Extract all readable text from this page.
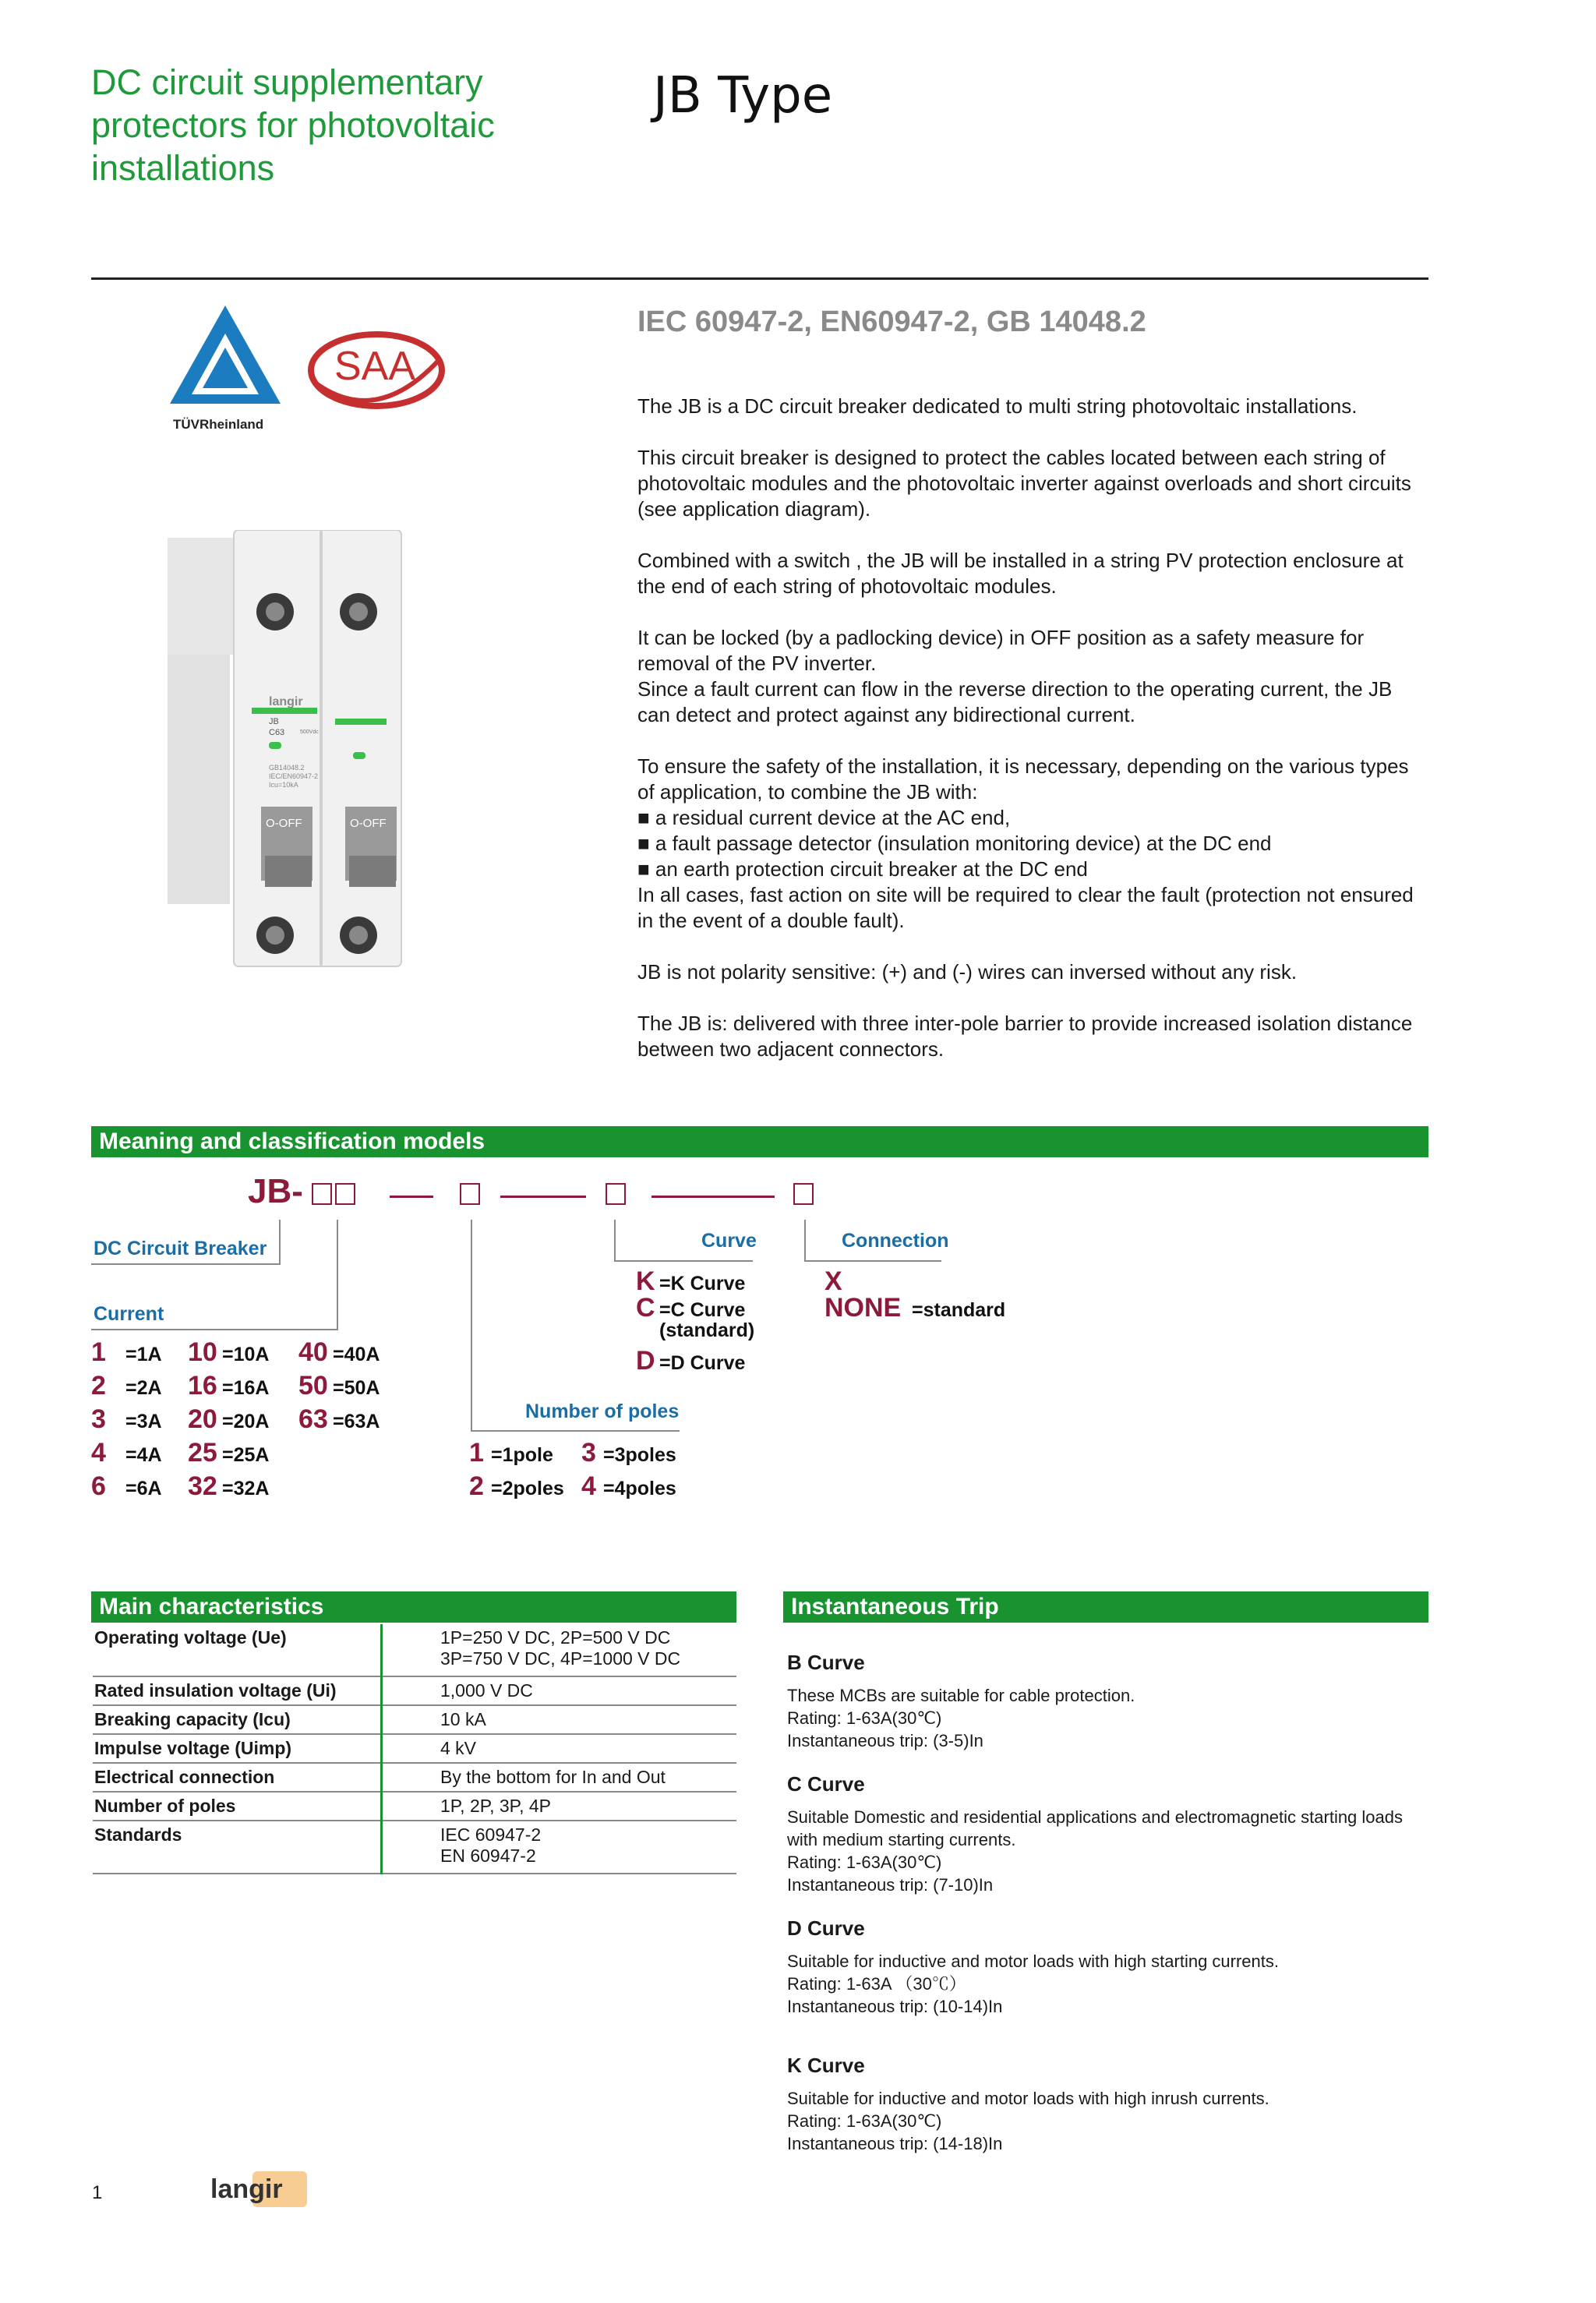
DC circuit supplementary protectors for photovoltaic installations
JB Type
TÜVRheinland
SAA
langir
JB
C63	500Vdc
GB14048.2
IEC/EN60947-2
Icu=10kA
O-OFF	O-OFF
IEC 60947-2, EN60947-2, GB 14048.2

The JB is a DC circuit breaker dedicated to multi string photovoltaic installations.

This circuit breaker is designed to protect the cables located between each string of photovoltaic modules and the photovoltaic inverter against overloads and short circuits (see application diagram).

Combined with a switch , the JB will be installed in a string PV protection enclosure at the end of each string of photovoltaic modules.

It can be locked (by a padlocking device) in OFF position as a safety measure for removal of the PV inverter.

Since a fault current can flow in the reverse direction to the operating current, the JB can detect and protect against any bidirectional current.

To ensure the safety of the installation, it is necessary, depending on the various types of application, to combine the JB with:
■ a residual current device at the AC end,
■ a fault passage detector (insulation monitoring device) at the DC end
■ an earth protection circuit breaker at the DC end

In all cases, fast action on site will be required to clear the fault (protection not ensured in the event of a double fault).

JB is not polarity sensitive: (+) and (-) wires can inversed without any risk.

The JB is: delivered with three inter-pole barrier to provide increased isolation distance between two adjacent connectors.

Meaning and classification models
JB-
DC Circuit Breaker
Current
1 =1A 10 =10A 40 =40A
2 =2A 16 =16A 50 =50A
3 =3A 20 =20A 63 =63A
4 =4A 25 =25A
6 =6A 32 =32A
Number of poles
1 =1pole 3 =3poles
2 =2poles 4 =4poles
Curve
K =K Curve
C =C Curve
(standard)
D =D Curve
Connection
X
NONE =standard
Main characteristics
Operating voltage (Ue)	1P=250 V DC, 2P=500 V DC
3P=750 V DC, 4P=1000 V DC

Rated insulation voltage (Ui)	1,000 V DC

Breaking capacity (Icu)	10 kA

Impulse voltage (Uimp)	4 kV

Electrical connection	By the bottom for In and Out

Number of poles	1P, 2P, 3P, 4P

Standards	IEC 60947-2
EN 60947-2
Instantaneous Trip
B Curve

These MCBs are suitable for cable protection.

Rating: 1-63A(30℃)

Instantaneous trip: (3-5)In

C Curve

Suitable Domestic and residential applications and electromagnetic starting loads with medium starting currents.

Rating: 1-63A(30℃)

Instantaneous trip: (7-10)In

D Curve

Suitable for inductive and motor loads with high starting currents.

Rating: 1-63A （30℃）

Instantaneous trip: (10-14)In

K Curve

Suitable for inductive and motor loads with high inrush currents.

Rating: 1-63A(30℃)

Instantaneous trip: (14-18)In

1	langir
